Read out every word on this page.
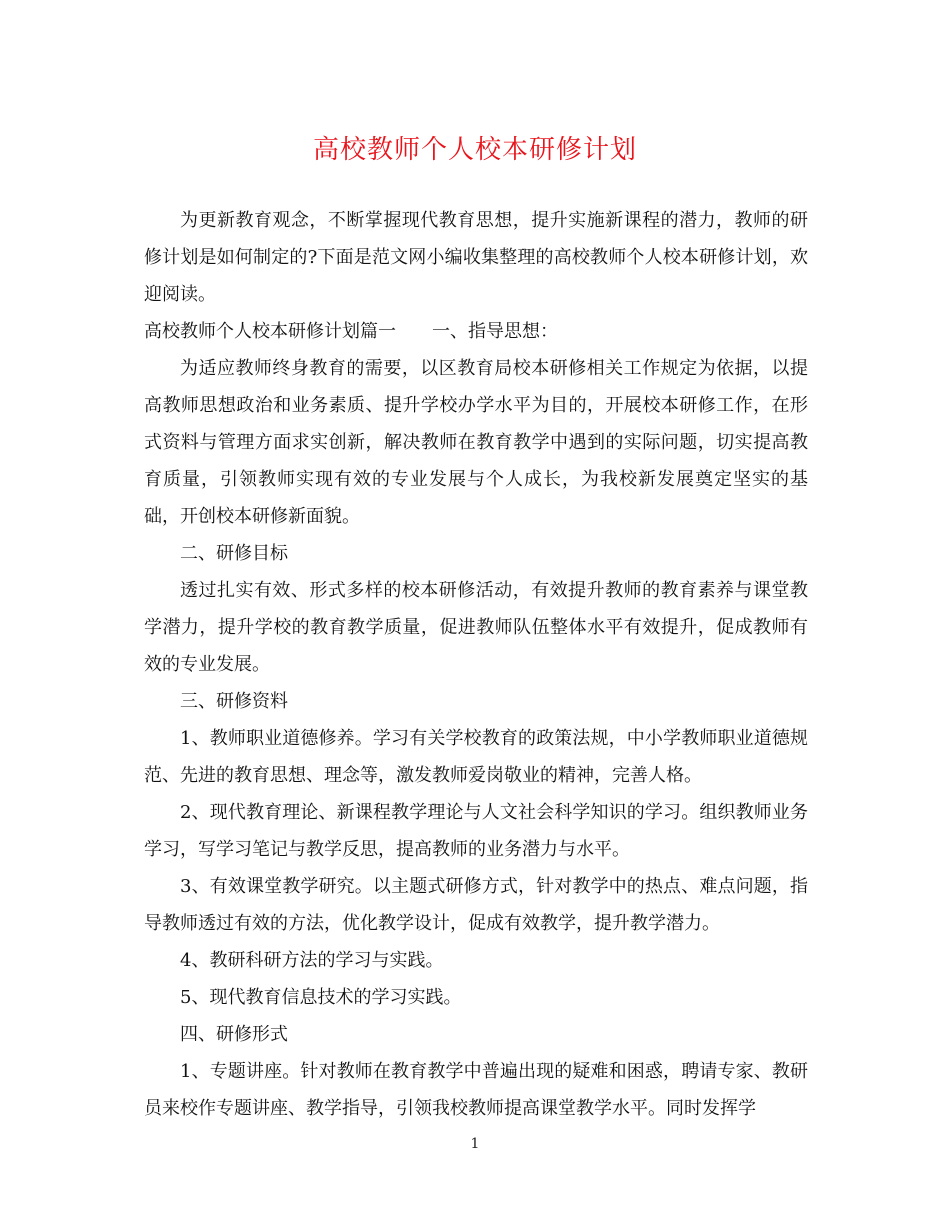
高校教师个人校本研修计划

为更新教育观念，不断掌握现代教育思想，提升实施新课程的潜力，教师的研修计划是如何制定的?下面是范文网小编收集整理的高校教师个人校本研修计划，欢迎阅读。

高校教师个人校本研修计划篇一 一、指导思想：

为适应教师终身教育的需要，以区教育局校本研修相关工作规定为依据，以提高教师思想政治和业务素质、提升学校办学水平为目的，开展校本研修工作，在形式资料与管理方面求实创新，解决教师在教育教学中遇到的实际问题，切实提高教育质量，引领教师实现有效的专业发展与个人成长，为我校新发展奠定坚实的基础，开创校本研修新面貌。

二、研修目标

透过扎实有效、形式多样的校本研修活动，有效提升教师的教育素养与课堂教学潜力，提升学校的教育教学质量，促进教师队伍整体水平有效提升，促成教师有效的专业发展。

三、研修资料

1、教师职业道德修养。学习有关学校教育的政策法规，中小学教师职业道德规范、先进的教育思想、理念等，激发教师爱岗敬业的精神，完善人格。

2、现代教育理论、新课程教学理论与人文社会科学知识的学习。组织教师业务学习，写学习笔记与教学反思，提高教师的业务潜力与水平。

3、有效课堂教学研究。以主题式研修方式，针对教学中的热点、难点问题，指导教师透过有效的方法，优化教学设计，促成有效教学，提升教学潜力。

4、教研科研方法的学习与实践。

5、现代教育信息技术的学习实践。

四、研修形式

1、专题讲座。针对教师在教育教学中普遍出现的疑难和困惑，聘请专家、教研员来校作专题讲座、教学指导，引领我校教师提高课堂教学水平。同时发挥学

1
